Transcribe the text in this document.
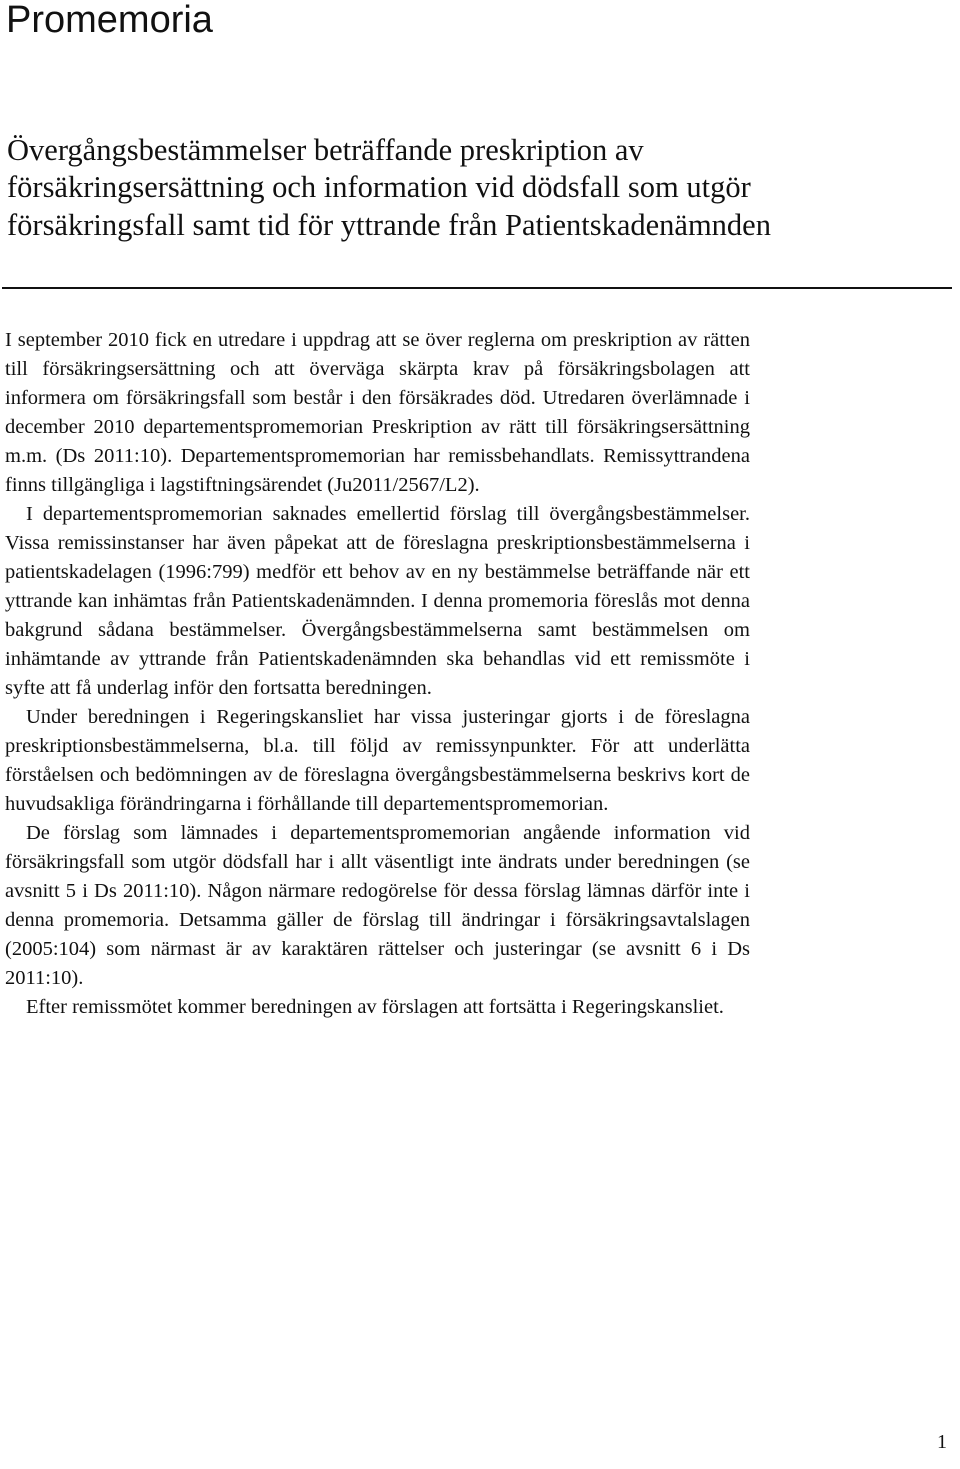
Promemoria
Övergångsbestämmelser beträffande preskription av försäkringsersättning och information vid dödsfall som utgör försäkringsfall samt tid för yttrande från Patientskadenämnden

I september 2010 fick en utredare i uppdrag att se över reglerna om preskription av rätten till försäkringsersättning och att överväga skärpta krav på försäkringsbolagen att informera om försäkringsfall som består i den försäkrades död. Utredaren överlämnade i december 2010 departementspromemorian Preskription av rätt till försäkringsersättning m.m. (Ds 2011:10). Departementspromemorian har remissbehandlats. Remissyttrandena finns tillgängliga i lagstiftningsärendet (Ju2011/2567/L2).

I departementspromemorian saknades emellertid förslag till övergångsbestämmelser. Vissa remissinstanser har även påpekat att de föreslagna preskriptionsbestämmelserna i patientskadelagen (1996:799) medför ett behov av en ny bestämmelse beträffande när ett yttrande kan inhämtas från Patientskadenämnden. I denna promemoria föreslås mot denna bakgrund sådana bestämmelser. Övergångsbestämmelserna samt bestämmelsen om inhämtande av yttrande från Patientskadenämnden ska behandlas vid ett remissmöte i syfte att få underlag inför den fortsatta beredningen.

Under beredningen i Regeringskansliet har vissa justeringar gjorts i de föreslagna preskriptionsbestämmelserna, bl.a. till följd av remissynpunkter. För att underlätta förståelsen och bedömningen av de föreslagna övergångsbestämmelserna beskrivs kort de huvudsakliga förändringarna i förhållande till departementspromemorian.

De förslag som lämnades i departementspromemorian angående information vid försäkringsfall som utgör dödsfall har i allt väsentligt inte ändrats under beredningen (se avsnitt 5 i Ds 2011:10). Någon närmare redogörelse för dessa förslag lämnas därför inte i denna promemoria. Detsamma gäller de förslag till ändringar i försäkringsavtalslagen (2005:104) som närmast är av karaktären rättelser och justeringar (se avsnitt 6 i Ds 2011:10).

Efter remissmötet kommer beredningen av förslagen att fortsätta i Regeringskansliet.

1
